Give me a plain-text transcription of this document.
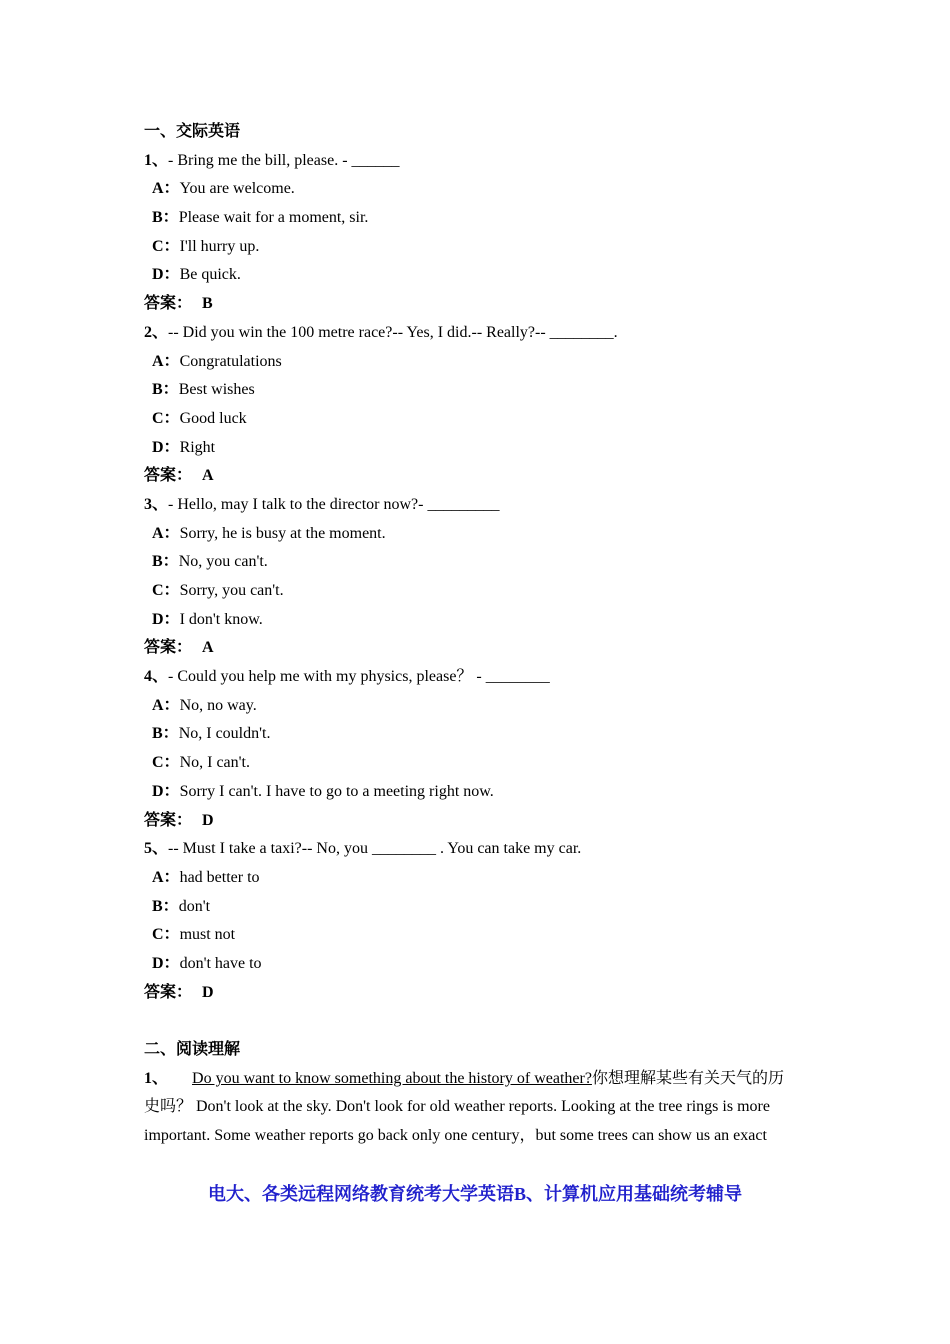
一、交际英语
1、- Bring me the bill, please. - ______
A：You are welcome.
B：Please wait for a moment, sir.
C：I'll hurry up.
D：Be quick.
答案： B
2、-- Did you win the 100 metre race?-- Yes, I did.-- Really?-- ________.
A：Congratulations
B：Best wishes
C：Good luck
D：Right
答案： A
3、- Hello, may I talk to the director now?- _________
A：Sorry, he is busy at the moment.
B：No, you can't.
C：Sorry, you can't.
D：I don't know.
答案： A
4、- Could you help me with my physics, please？ - ________
A：No, no way.
B：No, I couldn't.
C：No, I can't.
D：Sorry I can't. I have to go to a meeting right now.
答案： D
5、-- Must I take a taxi?-- No, you ________ . You can take my car.
A：had better to
B：don't
C：must not
D：don't have to
答案： D
二、阅读理解
1、 Do you want to know something about the history of weather?你想理解某些有关天气的历
史吗？ Don't look at the sky. Don't look for old weather reports. Looking at the tree rings is more
important. Some weather reports go back only one century，but some trees can show us an exact
电大、各类远程网络教育统考大学英语B、计算机应用基础统考辅导
